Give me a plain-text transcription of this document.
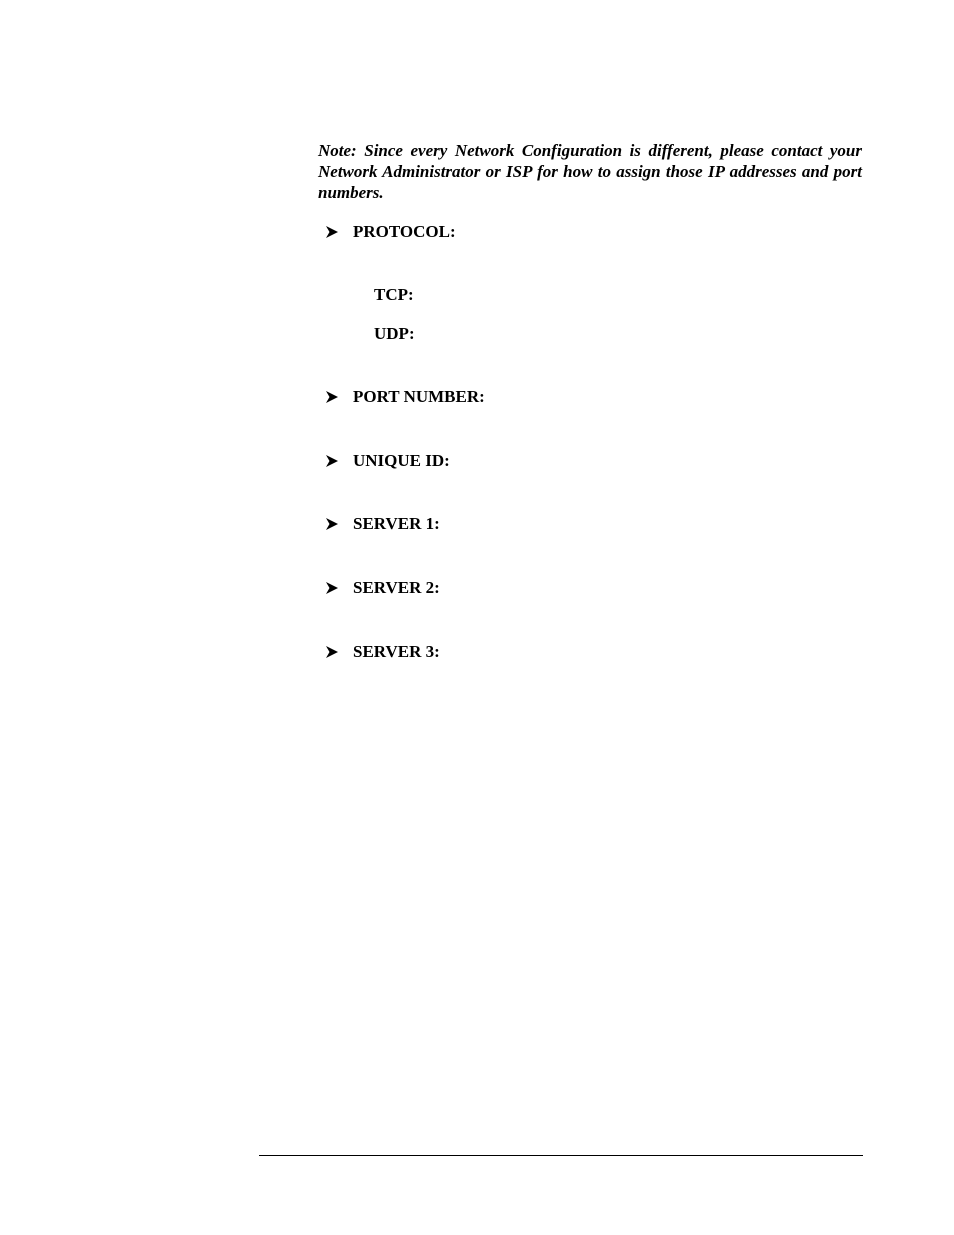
Note: Since every Network Configuration is different, please contact your Network Administrator or ISP for how to assign those IP addresses and port numbers.

PROTOCOL:
TCP:
UDP:
PORT NUMBER:
UNIQUE ID:
SERVER 1:
SERVER 2:
SERVER 3:
